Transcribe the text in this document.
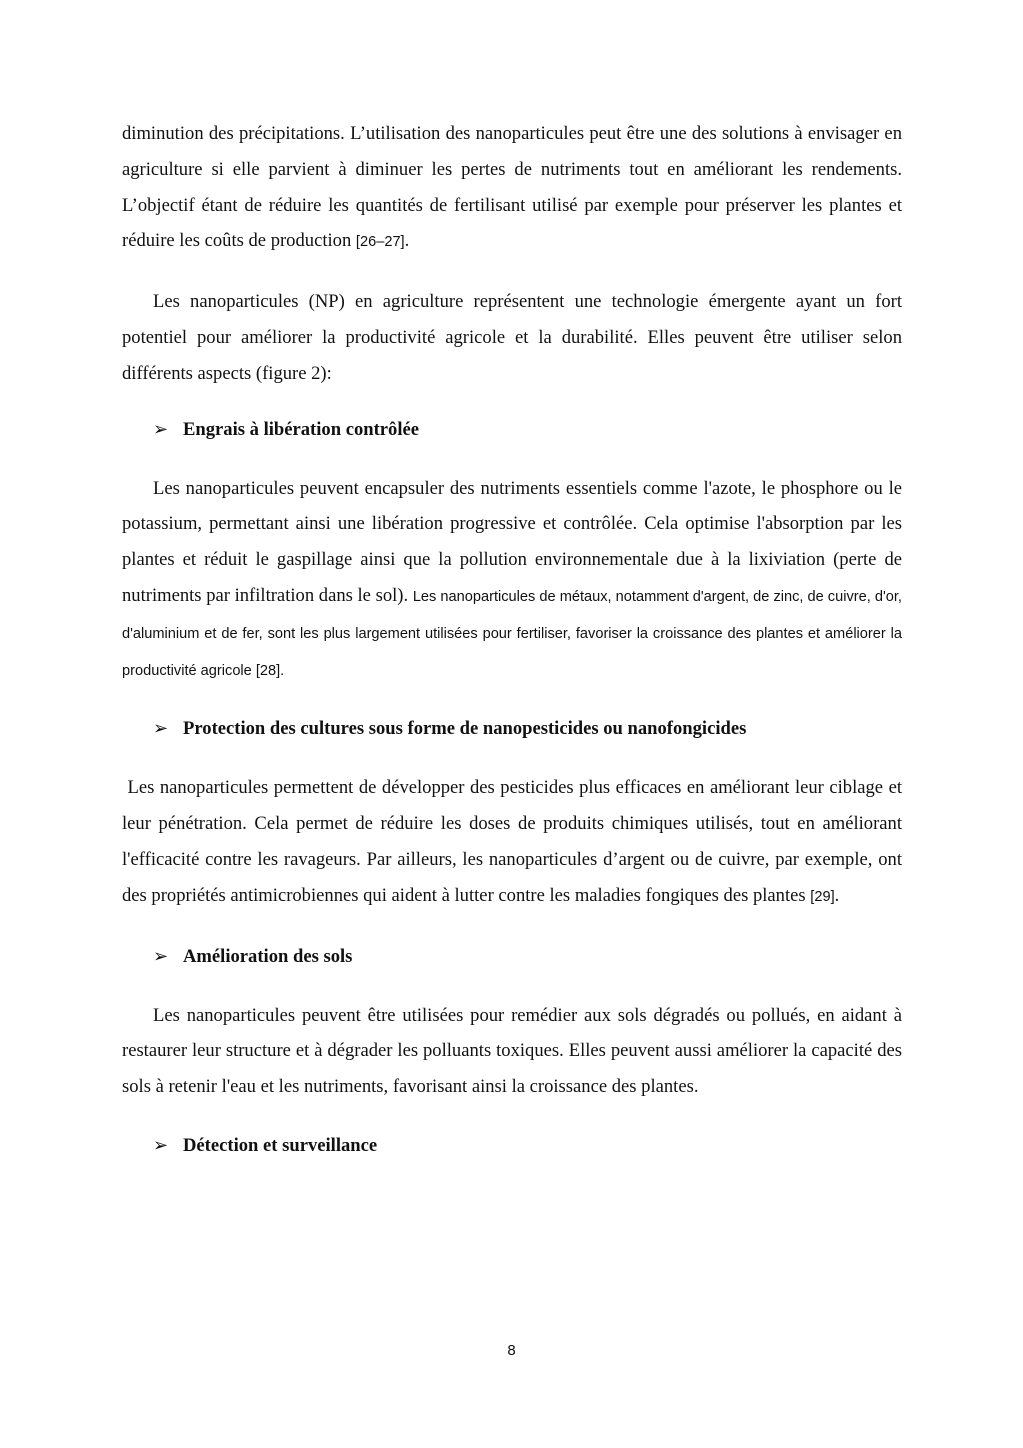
diminution des précipitations. L’utilisation des nanoparticules peut être une des solutions à envisager en agriculture si elle parvient à diminuer les pertes de nutriments tout en améliorant les rendements. L’objectif étant de réduire les quantités de fertilisant utilisé par exemple pour préserver les plantes et réduire les coûts de production [26–27].

Les nanoparticules (NP) en agriculture représentent une technologie émergente ayant un fort potentiel pour améliorer la productivité agricole et la durabilité. Elles peuvent être utiliser selon différents aspects (figure 2):

➢ Engrais à libération contrôlée

Les nanoparticules peuvent encapsuler des nutriments essentiels comme l'azote, le phosphore ou le potassium, permettant ainsi une libération progressive et contrôlée. Cela optimise l'absorption par les plantes et réduit le gaspillage ainsi que la pollution environnementale due à la lixiviation (perte de nutriments par infiltration dans le sol). Les nanoparticules de métaux, notamment d'argent, de zinc, de cuivre, d'or, d'aluminium et de fer, sont les plus largement utilisées pour fertiliser, favoriser la croissance des plantes et améliorer la productivité agricole [28].

➢ Protection des cultures sous forme de nanopesticides ou nanofongicides

Les nanoparticules permettent de développer des pesticides plus efficaces en améliorant leur ciblage et leur pénétration. Cela permet de réduire les doses de produits chimiques utilisés, tout en améliorant l'efficacité contre les ravageurs. Par ailleurs, les nanoparticules d’argent ou de cuivre, par exemple, ont des propriétés antimicrobiennes qui aident à lutter contre les maladies fongiques des plantes [29].

➢ Amélioration des sols

Les nanoparticules peuvent être utilisées pour remédier aux sols dégradés ou pollués, en aidant à restaurer leur structure et à dégrader les polluants toxiques. Elles peuvent aussi améliorer la capacité des sols à retenir l'eau et les nutriments, favorisant ainsi la croissance des plantes.

➢ Détection et surveillance
8
